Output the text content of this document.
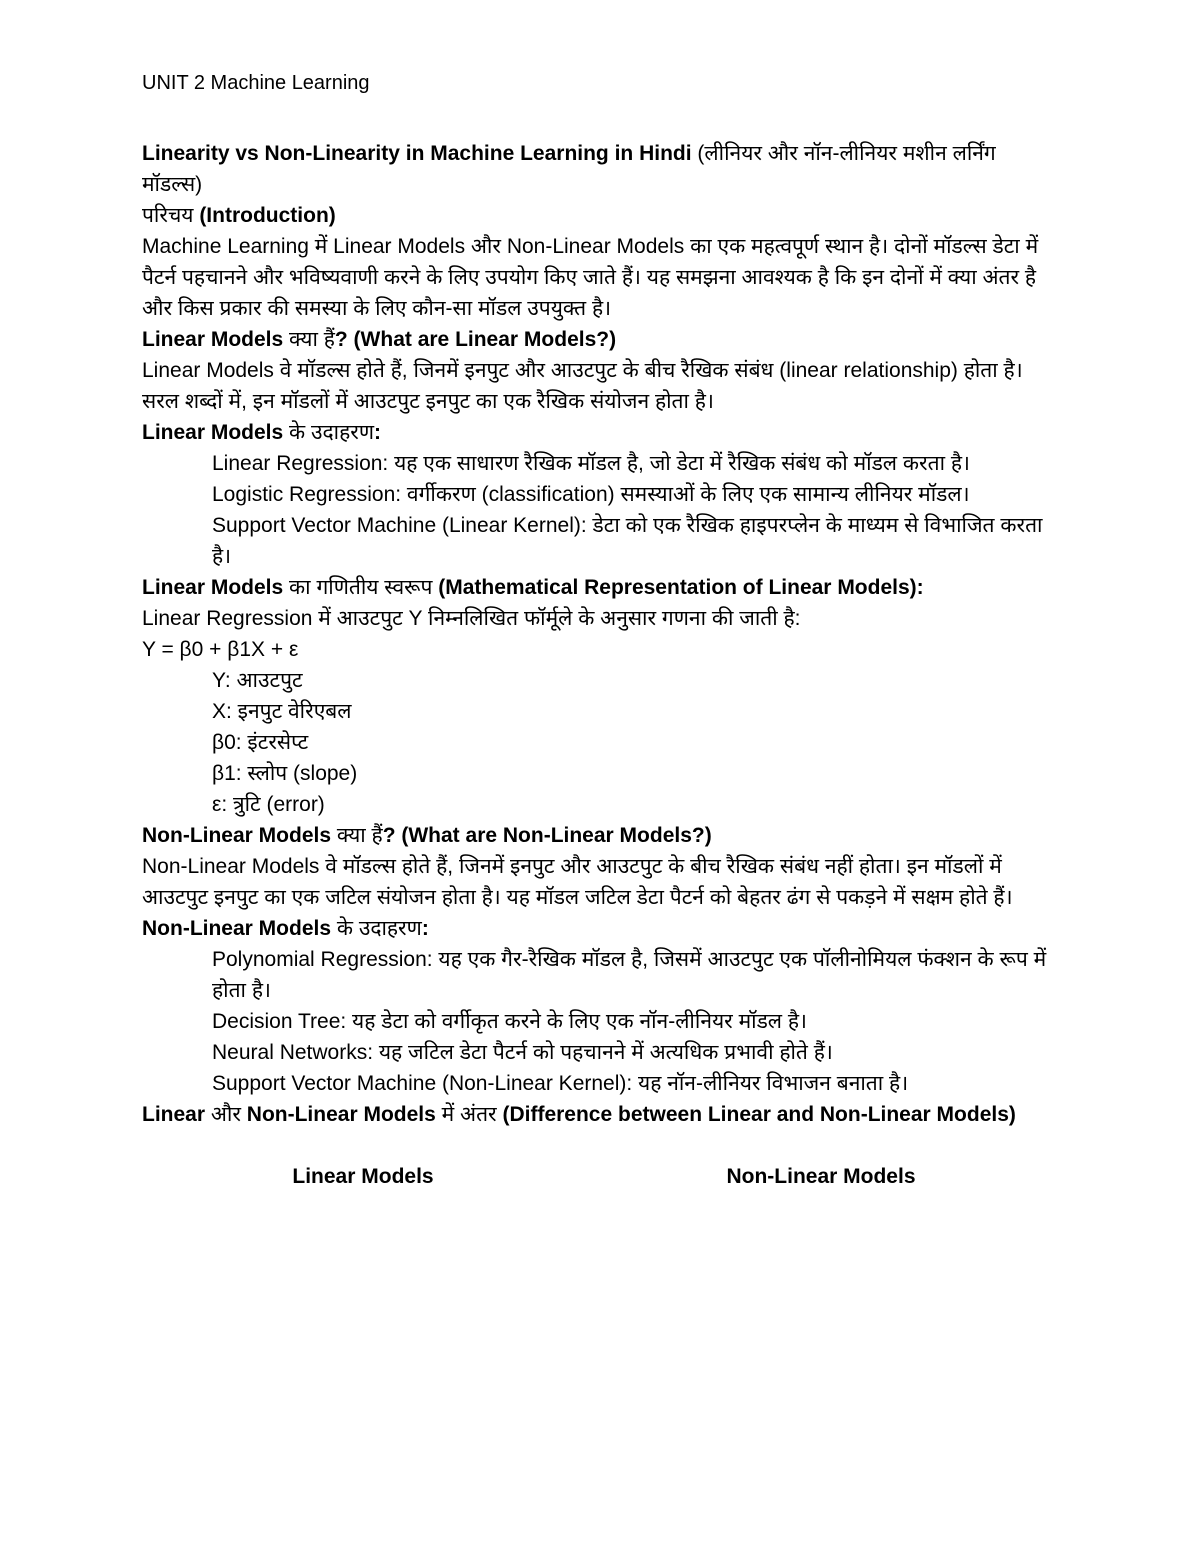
UNIT 2 Machine Learning

Linearity vs Non-Linearity in Machine Learning in Hindi (लीनियर और नॉन-लीनियर मशीन लर्निंग मॉडल्स)

परिचय (Introduction)

Machine Learning में Linear Models और Non-Linear Models का एक महत्वपूर्ण स्थान है। दोनों मॉडल्स डेटा में पैटर्न पहचानने और भविष्यवाणी करने के लिए उपयोग किए जाते हैं। यह समझना आवश्यक है कि इन दोनों में क्या अंतर है और किस प्रकार की समस्या के लिए कौन-सा मॉडल उपयुक्त है।

Linear Models क्या हैं? (What are Linear Models?)

Linear Models वे मॉडल्स होते हैं, जिनमें इनपुट और आउटपुट के बीच रैखिक संबंध (linear relationship) होता है। सरल शब्दों में, इन मॉडलों में आउटपुट इनपुट का एक रैखिक संयोजन होता है।

Linear Models के उदाहरण:

Linear Regression: यह एक साधारण रैखिक मॉडल है, जो डेटा में रैखिक संबंध को मॉडल करता है।

Logistic Regression: वर्गीकरण (classification) समस्याओं के लिए एक सामान्य लीनियर मॉडल।

Support Vector Machine (Linear Kernel): डेटा को एक रैखिक हाइपरप्लेन के माध्यम से विभाजित करता है।

Linear Models का गणितीय स्वरूप (Mathematical Representation of Linear Models):

Linear Regression में आउटपुट Y निम्नलिखित फॉर्मूले के अनुसार गणना की जाती है:

Y = β0 + β1X + ε

Y: आउटपुट

X: इनपुट वेरिएबल

β0: इंटरसेप्ट

β1: स्लोप (slope)

ε: त्रुटि (error)

Non-Linear Models क्या हैं? (What are Non-Linear Models?)

Non-Linear Models वे मॉडल्स होते हैं, जिनमें इनपुट और आउटपुट के बीच रैखिक संबंध नहीं होता। इन मॉडलों में आउटपुट इनपुट का एक जटिल संयोजन होता है। यह मॉडल जटिल डेटा पैटर्न को बेहतर ढंग से पकड़ने में सक्षम होते हैं।

Non-Linear Models के उदाहरण:

Polynomial Regression: यह एक गैर-रैखिक मॉडल है, जिसमें आउटपुट एक पॉलीनोमियल फंक्शन के रूप में होता है।

Decision Tree: यह डेटा को वर्गीकृत करने के लिए एक नॉन-लीनियर मॉडल है।

Neural Networks: यह जटिल डेटा पैटर्न को पहचानने में अत्यधिक प्रभावी होते हैं।

Support Vector Machine (Non-Linear Kernel): यह नॉन-लीनियर विभाजन बनाता है।

Linear और Non-Linear Models में अंतर (Difference between Linear and Non-Linear Models)

Linear Models	Non-Linear Models
